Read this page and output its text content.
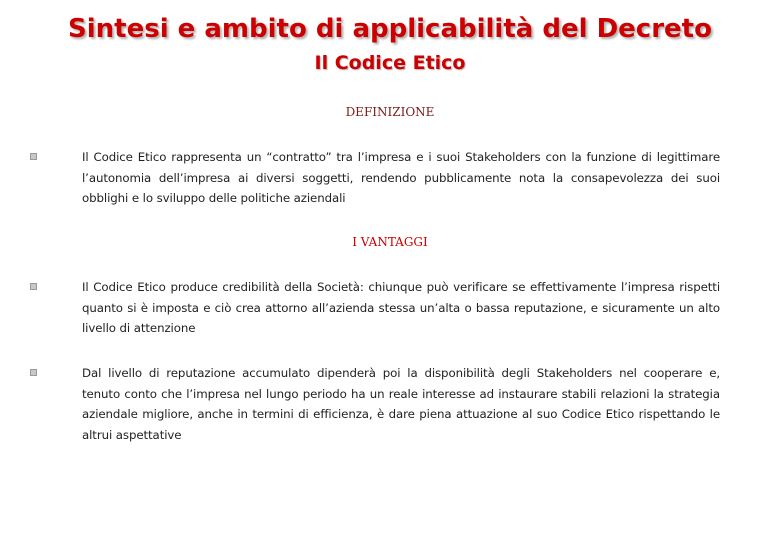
Sintesi e ambito di applicabilità del Decreto
Il Codice Etico
DEFINIZIONE
Il Codice Etico rappresenta un “contratto” tra l’impresa e i suoi Stakeholders con la funzione di legittimare l’autonomia dell’impresa ai diversi soggetti, rendendo pubblicamente nota la consapevolezza dei suoi obblighi e lo sviluppo delle politiche aziendali
I VANTAGGI
Il Codice Etico produce credibilità della Società: chiunque può verificare se effettivamente l’impresa rispetti quanto si è imposta e ciò crea attorno all’azienda stessa un’alta o bassa reputazione, e sicuramente un alto livello di attenzione
Dal livello di reputazione accumulato dipenderà poi la disponibilità degli Stakeholders nel cooperare e, tenuto conto che l’impresa nel lungo periodo ha un reale interesse ad instaurare stabili relazioni la strategia aziendale migliore, anche in termini di efficienza, è dare piena attuazione al suo Codice Etico rispettando le altrui aspettative
